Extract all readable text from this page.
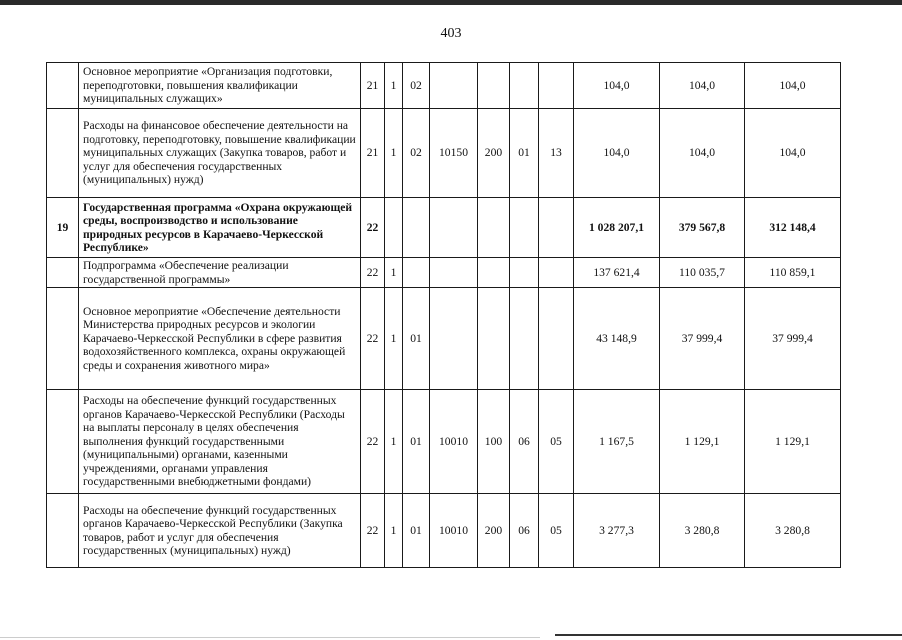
403
	Основное мероприятие «Организация подготовки, переподготовки, повышения квалификации муниципальных служащих»	21	1	02					104,0	104,0	104,0
	Расходы на финансовое обеспечение деятельности на подготовку, переподготовку, повышение квалификации муниципальных служащих (Закупка товаров, работ и услуг для обеспечения государственных (муниципальных) нужд)	21	1	02	10150	200	01	13	104,0	104,0	104,0
19	Государственная программа «Охрана окружающей среды, воспроизводство и использование природных ресурсов в Карачаево-Черкесской Республике»	22							1 028 207,1	379 567,8	312 148,4
	Подпрограмма «Обеспечение реализации государственной программы»	22	1						137 621,4	110 035,7	110 859,1
	Основное мероприятие «Обеспечение деятельности Министерства природных ресурсов и экологии Карачаево-Черкесской Республики в сфере развития водохозяйственного комплекса, охраны окружающей среды и сохранения животного мира»	22	1	01					43 148,9	37 999,4	37 999,4
	Расходы на обеспечение функций государственных органов Карачаево-Черкесской Республики (Расходы на выплаты персоналу в целях обеспечения выполнения функций государственными (муниципальными) органами, казенными учреждениями, органами управления государственными внебюджетными фондами)	22	1	01	10010	100	06	05	1 167,5	1 129,1	1 129,1
	Расходы на обеспечение функций государственных органов Карачаево-Черкесской Республики (Закупка товаров, работ и услуг для обеспечения государственных (муниципальных) нужд)	22	1	01	10010	200	06	05	3 277,3	3 280,8	3 280,8
